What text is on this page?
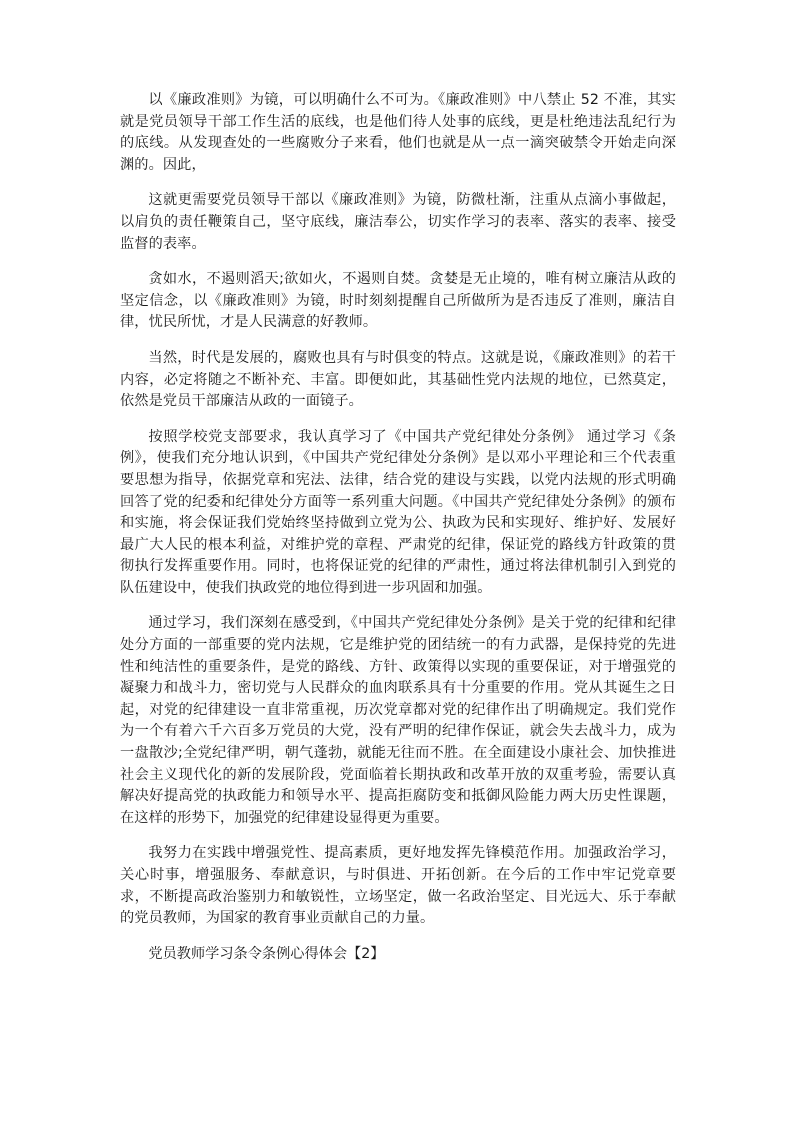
以《廉政准则》为镜，可以明确什么不可为。《廉政准则》中八禁止 52 不准，其实就是党员领导干部工作生活的底线，也是他们待人处事的底线，更是杜绝违法乱纪行为的底线。从发现查处的一些腐败分子来看，他们也就是从一点一滴突破禁令开始走向深渊的。因此，

这就更需要党员领导干部以《廉政准则》为镜，防微杜渐，注重从点滴小事做起，以肩负的责任鞭策自己，坚守底线，廉洁奉公，切实作学习的表率、落实的表率、接受监督的表率。

贪如水，不遏则滔天;欲如火，不遏则自焚。贪婪是无止境的，唯有树立廉洁从政的坚定信念，以《廉政准则》为镜，时时刻刻提醒自己所做所为是否违反了准则，廉洁自律，忧民所忧，才是人民满意的好教师。

当然，时代是发展的，腐败也具有与时俱变的特点。这就是说，《廉政准则》的若干内容，必定将随之不断补充、丰富。即便如此，其基础性党内法规的地位，已然莫定，依然是党员干部廉洁从政的一面镜子。

按照学校党支部要求，我认真学习了《中国共产党纪律处分条例》 通过学习《条例》，使我们充分地认识到，《中国共产党纪律处分条例》是以邓小平理论和三个代表重要思想为指导，依据党章和宪法、法律，结合党的建设与实践，以党内法规的形式明确回答了党的纪委和纪律处分方面等一系列重大问题。《中国共产党纪律处分条例》的颁布和实施，将会保证我们党始终坚持做到立党为公、执政为民和实现好、维护好、发展好最广大人民的根本利益，对维护党的章程、严肃党的纪律，保证党的路线方针政策的贯彻执行发挥重要作用。同时，也将保证党的纪律的严肃性，通过将法律机制引入到党的队伍建设中，使我们执政党的地位得到进一步巩固和加强。

通过学习，我们深刻在感受到，《中国共产党纪律处分条例》是关于党的纪律和纪律处分方面的一部重要的党内法规，它是维护党的团结统一的有力武器，是保持党的先进性和纯洁性的重要条件，是党的路线、方针、政策得以实现的重要保证，对于增强党的凝聚力和战斗力，密切党与人民群众的血肉联系具有十分重要的作用。党从其诞生之日起，对党的纪律建设一直非常重视，历次党章都对党的纪律作出了明确规定。我们党作为一个有着六千六百多万党员的大党，没有严明的纪律作保证，就会失去战斗力，成为一盘散沙;全党纪律严明，朝气蓬勃，就能无往而不胜。在全面建设小康社会、加快推进社会主义现代化的新的发展阶段，党面临着长期执政和改革开放的双重考验，需要认真解决好提高党的执政能力和领导水平、提高拒腐防变和抵御风险能力两大历史性课题，在这样的形势下，加强党的纪律建设显得更为重要。

我努力在实践中增强党性、提高素质，更好地发挥先锋模范作用。加强政治学习，关心时事，增强服务、奉献意识，与时俱进、开拓创新。在今后的工作中牢记党章要求，不断提高政治鉴别力和敏锐性，立场坚定，做一名政治坚定、目光远大、乐于奉献的党员教师，为国家的教育事业贡献自己的力量。

党员教师学习条令条例心得体会【2】
